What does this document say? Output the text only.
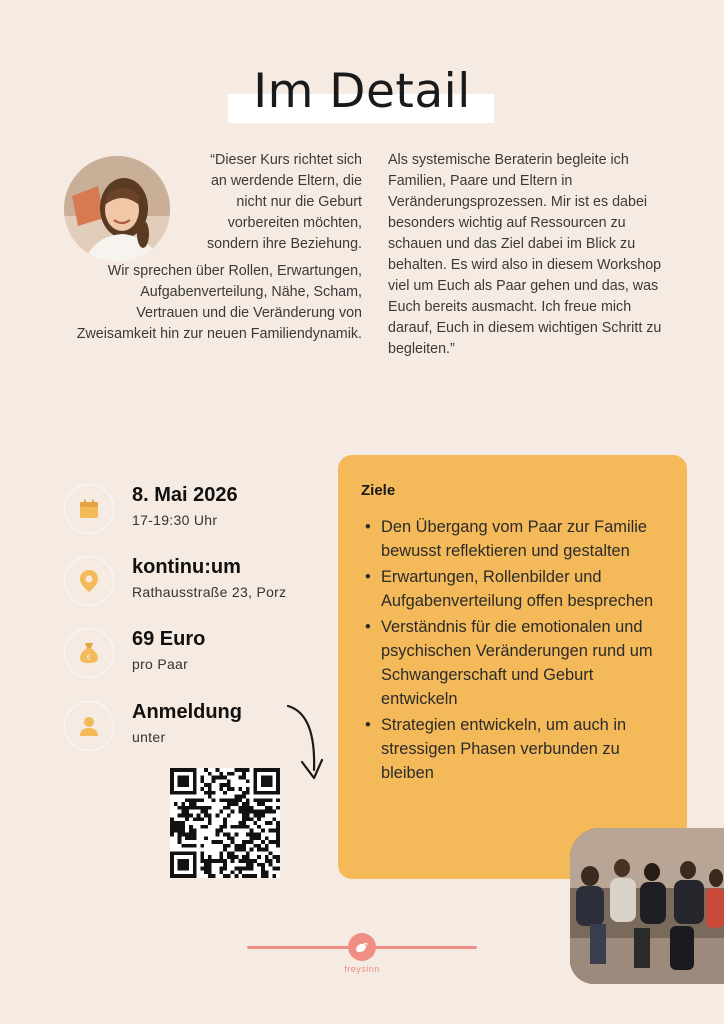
Im Detail

“Dieser Kurs richtet sich an werdende Eltern, die nicht nur die Geburt vorbereiten möchten, sondern ihre Beziehung.

Wir sprechen über Rollen, Erwartungen, Aufgabenverteilung, Nähe, Scham, Vertrauen und die Veränderung von Zweisamkeit hin zur neuen Familiendynamik.

Als systemische Beraterin begleite ich Familien, Paare und Eltern in Veränderungsprozessen. Mir ist es dabei besonders wichtig auf Ressourcen zu schauen und das Ziel dabei im Blick zu behalten. Es wird also in diesem Workshop viel um Euch als Paar gehen und das, was Euch bereits ausmacht. Ich freue mich darauf, Euch in diesem wichtigen Schritt zu begleiten.”
8. Mai 2026
17-19:30 Uhr
kontinu:um
Rathausstraße 23, Porz
€
69 Euro
pro Paar
Anmeldung
unter
Ziele
• Den Übergang vom Paar zur Familie bewusst reflektieren und gestalten
• Erwartungen, Rollenbilder und Aufgabenverteilung offen besprechen
• Verständnis für die emotionalen und psychischen Veränderungen rund um Schwangerschaft und Geburt entwickeln
• Strategien entwickeln, um auch in stressigen Phasen verbunden zu bleiben
freysinn
